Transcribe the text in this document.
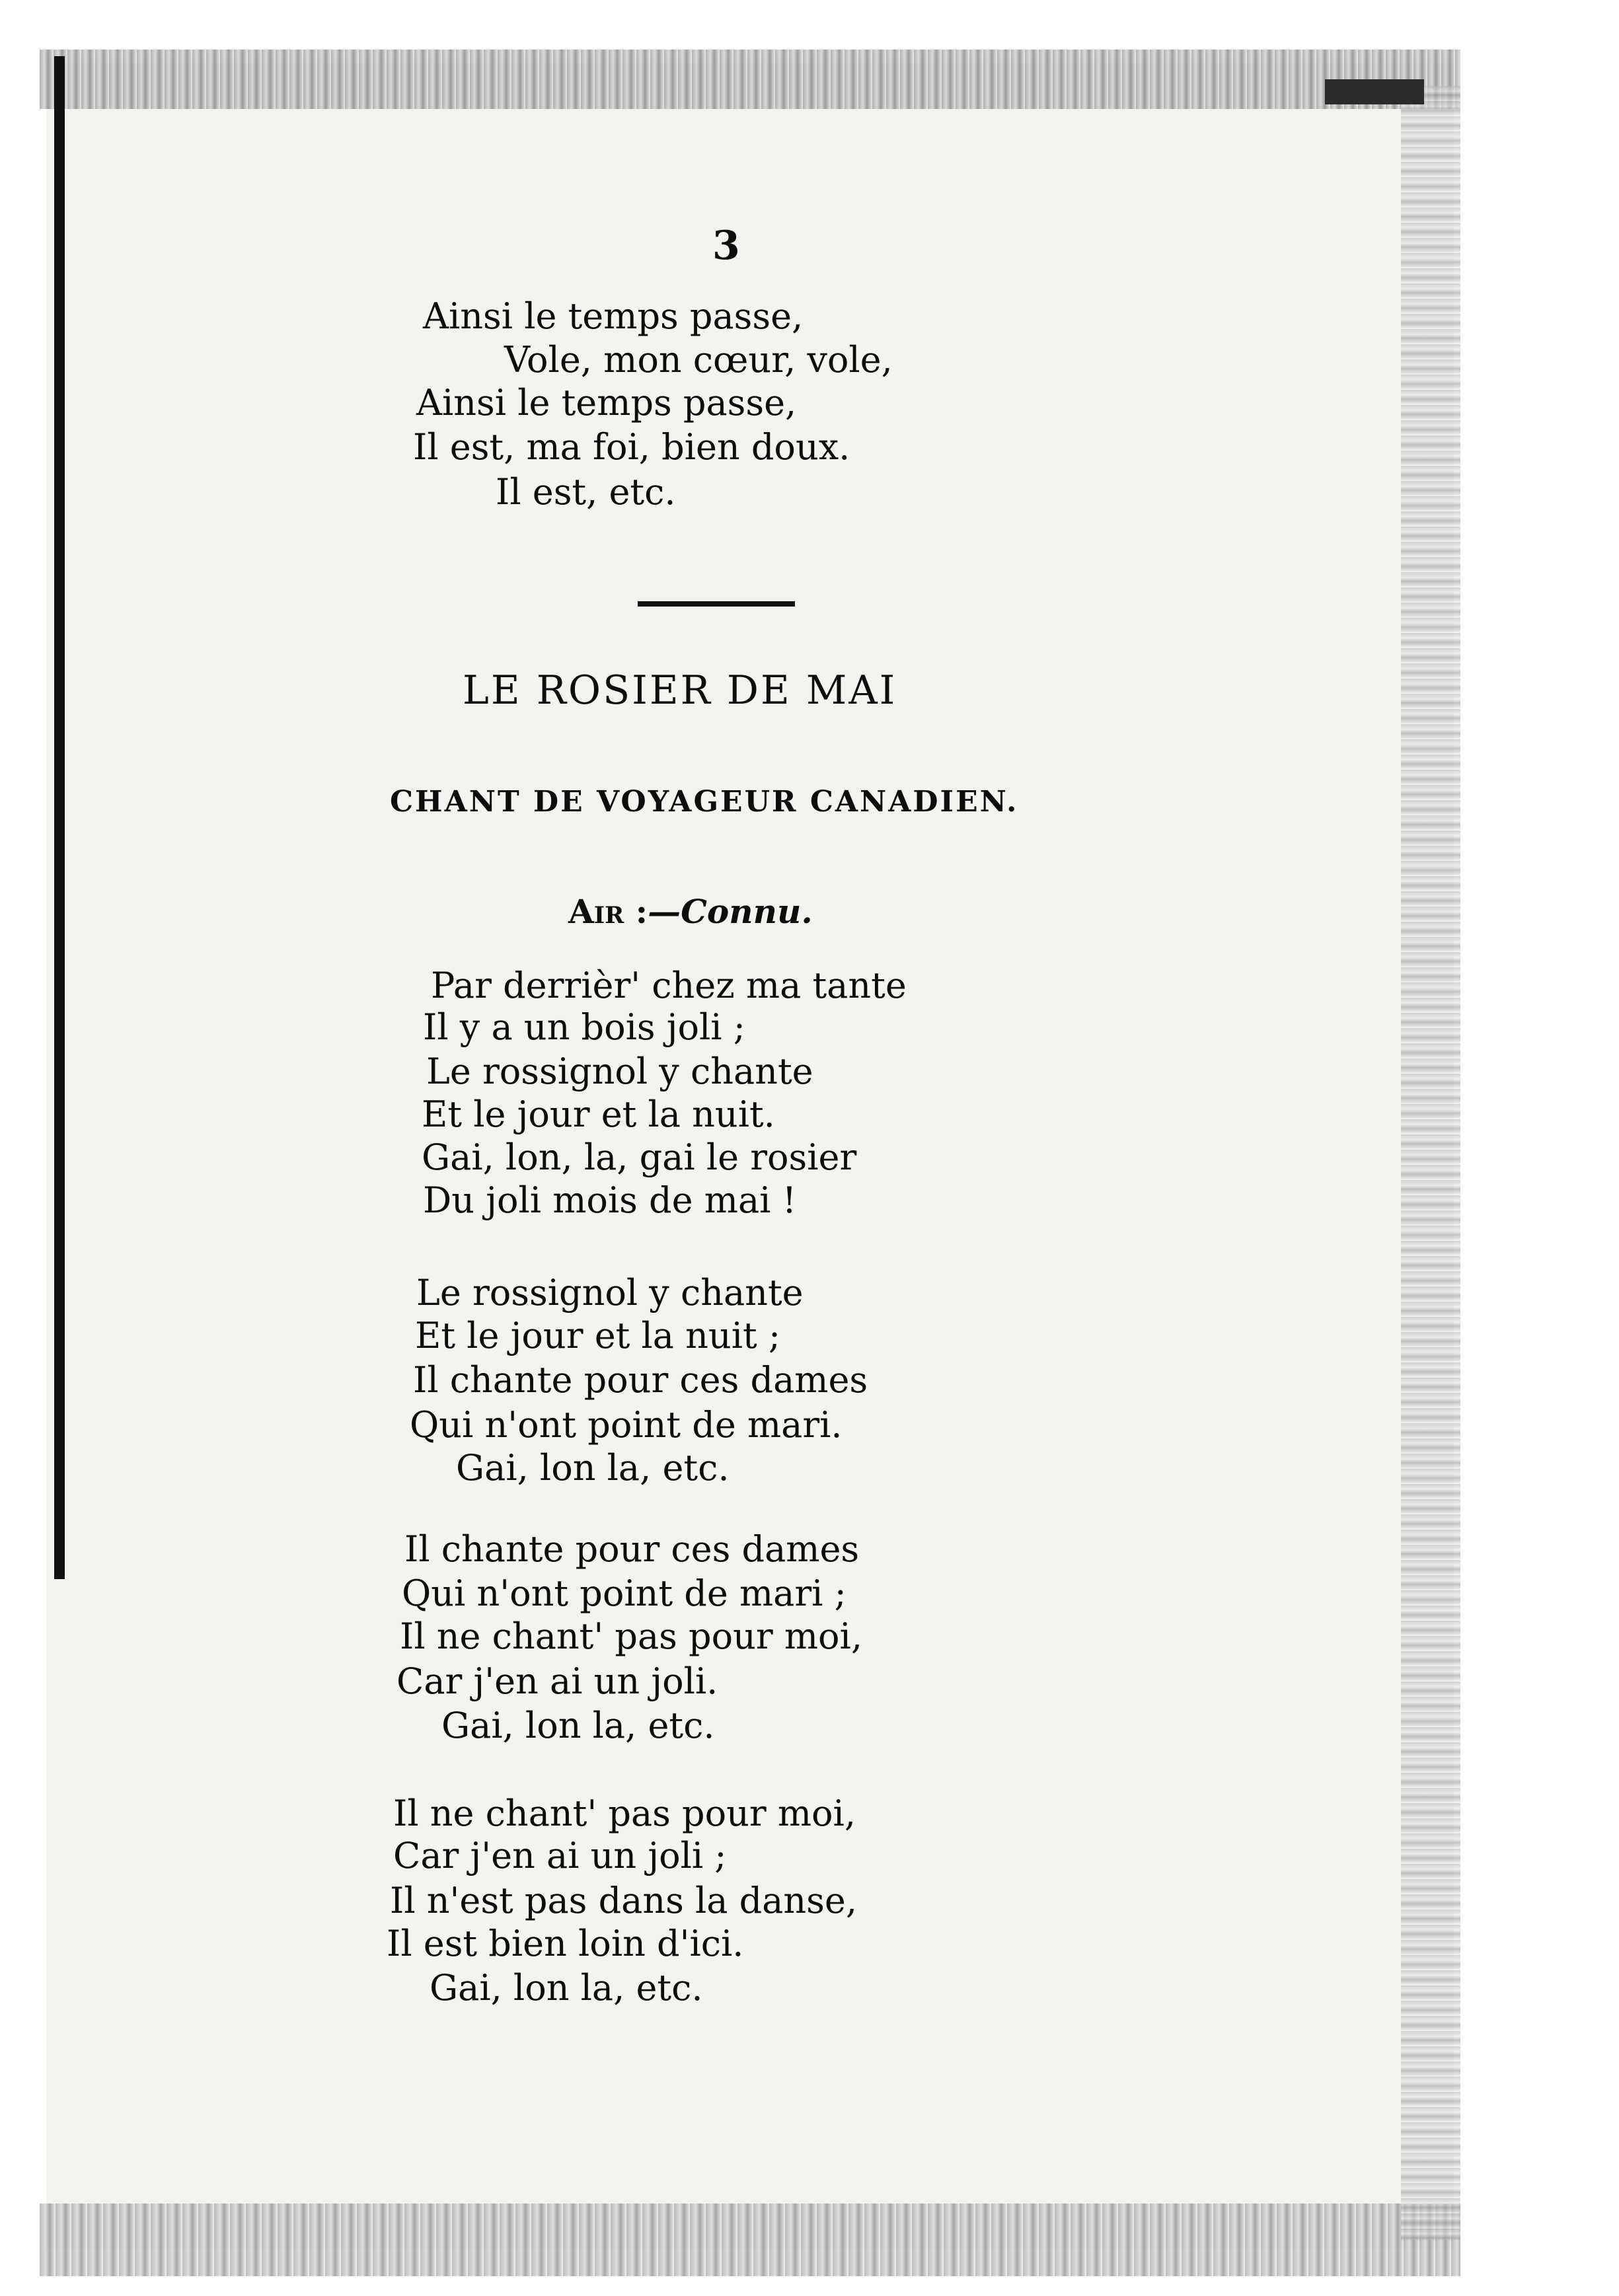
3
Ainsi le temps passe,
Vole, mon cœur, vole,
Ainsi le temps passe,
Il est, ma foi, bien doux.
Il est, etc.
LE ROSIER DE MAI
CHANT DE VOYAGEUR CANADIEN.
Air :—Connu.
Par derrièr' chez ma tante
Il y a un bois joli ;
Le rossignol y chante
Et le jour et la nuit.
Gai, lon, la, gai le rosier
Du joli mois de mai !
Le rossignol y chante
Et le jour et la nuit ;
Il chante pour ces dames
Qui n'ont point de mari.
Gai, lon la, etc.
Il chante pour ces dames
Qui n'ont point de mari ;
Il ne chant' pas pour moi,
Car j'en ai un joli.
Gai, lon la, etc.
Il ne chant' pas pour moi,
Car j'en ai un joli ;
Il n'est pas dans la danse,
Il est bien loin d'ici.
Gai, lon la, etc.
